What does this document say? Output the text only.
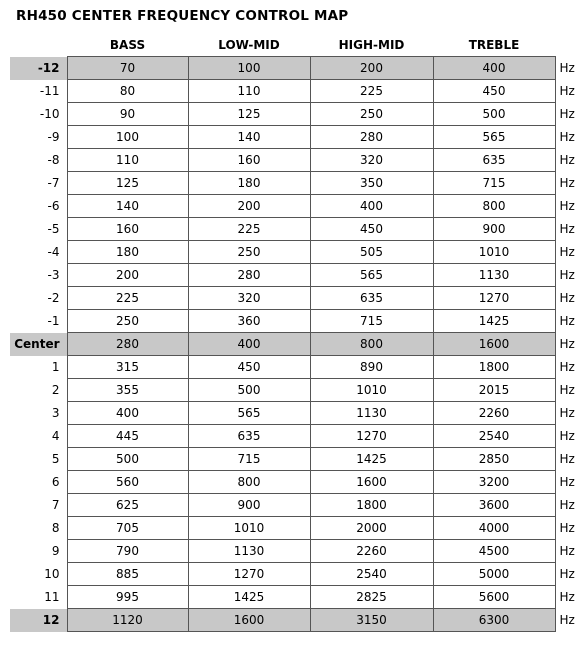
RH450 CENTER FREQUENCY CONTROL MAP
	BASS	LOW-MID	HIGH-MID	TREBLE	
-12	70	100	200	400	Hz
-11	80	110	225	450	Hz
-10	90	125	250	500	Hz
-9	100	140	280	565	Hz
-8	110	160	320	635	Hz
-7	125	180	350	715	Hz
-6	140	200	400	800	Hz
-5	160	225	450	900	Hz
-4	180	250	505	1010	Hz
-3	200	280	565	1130	Hz
-2	225	320	635	1270	Hz
-1	250	360	715	1425	Hz
Center	280	400	800	1600	Hz
1	315	450	890	1800	Hz
2	355	500	1010	2015	Hz
3	400	565	1130	2260	Hz
4	445	635	1270	2540	Hz
5	500	715	1425	2850	Hz
6	560	800	1600	3200	Hz
7	625	900	1800	3600	Hz
8	705	1010	2000	4000	Hz
9	790	1130	2260	4500	Hz
10	885	1270	2540	5000	Hz
11	995	1425	2825	5600	Hz
12	1120	1600	3150	6300	Hz
